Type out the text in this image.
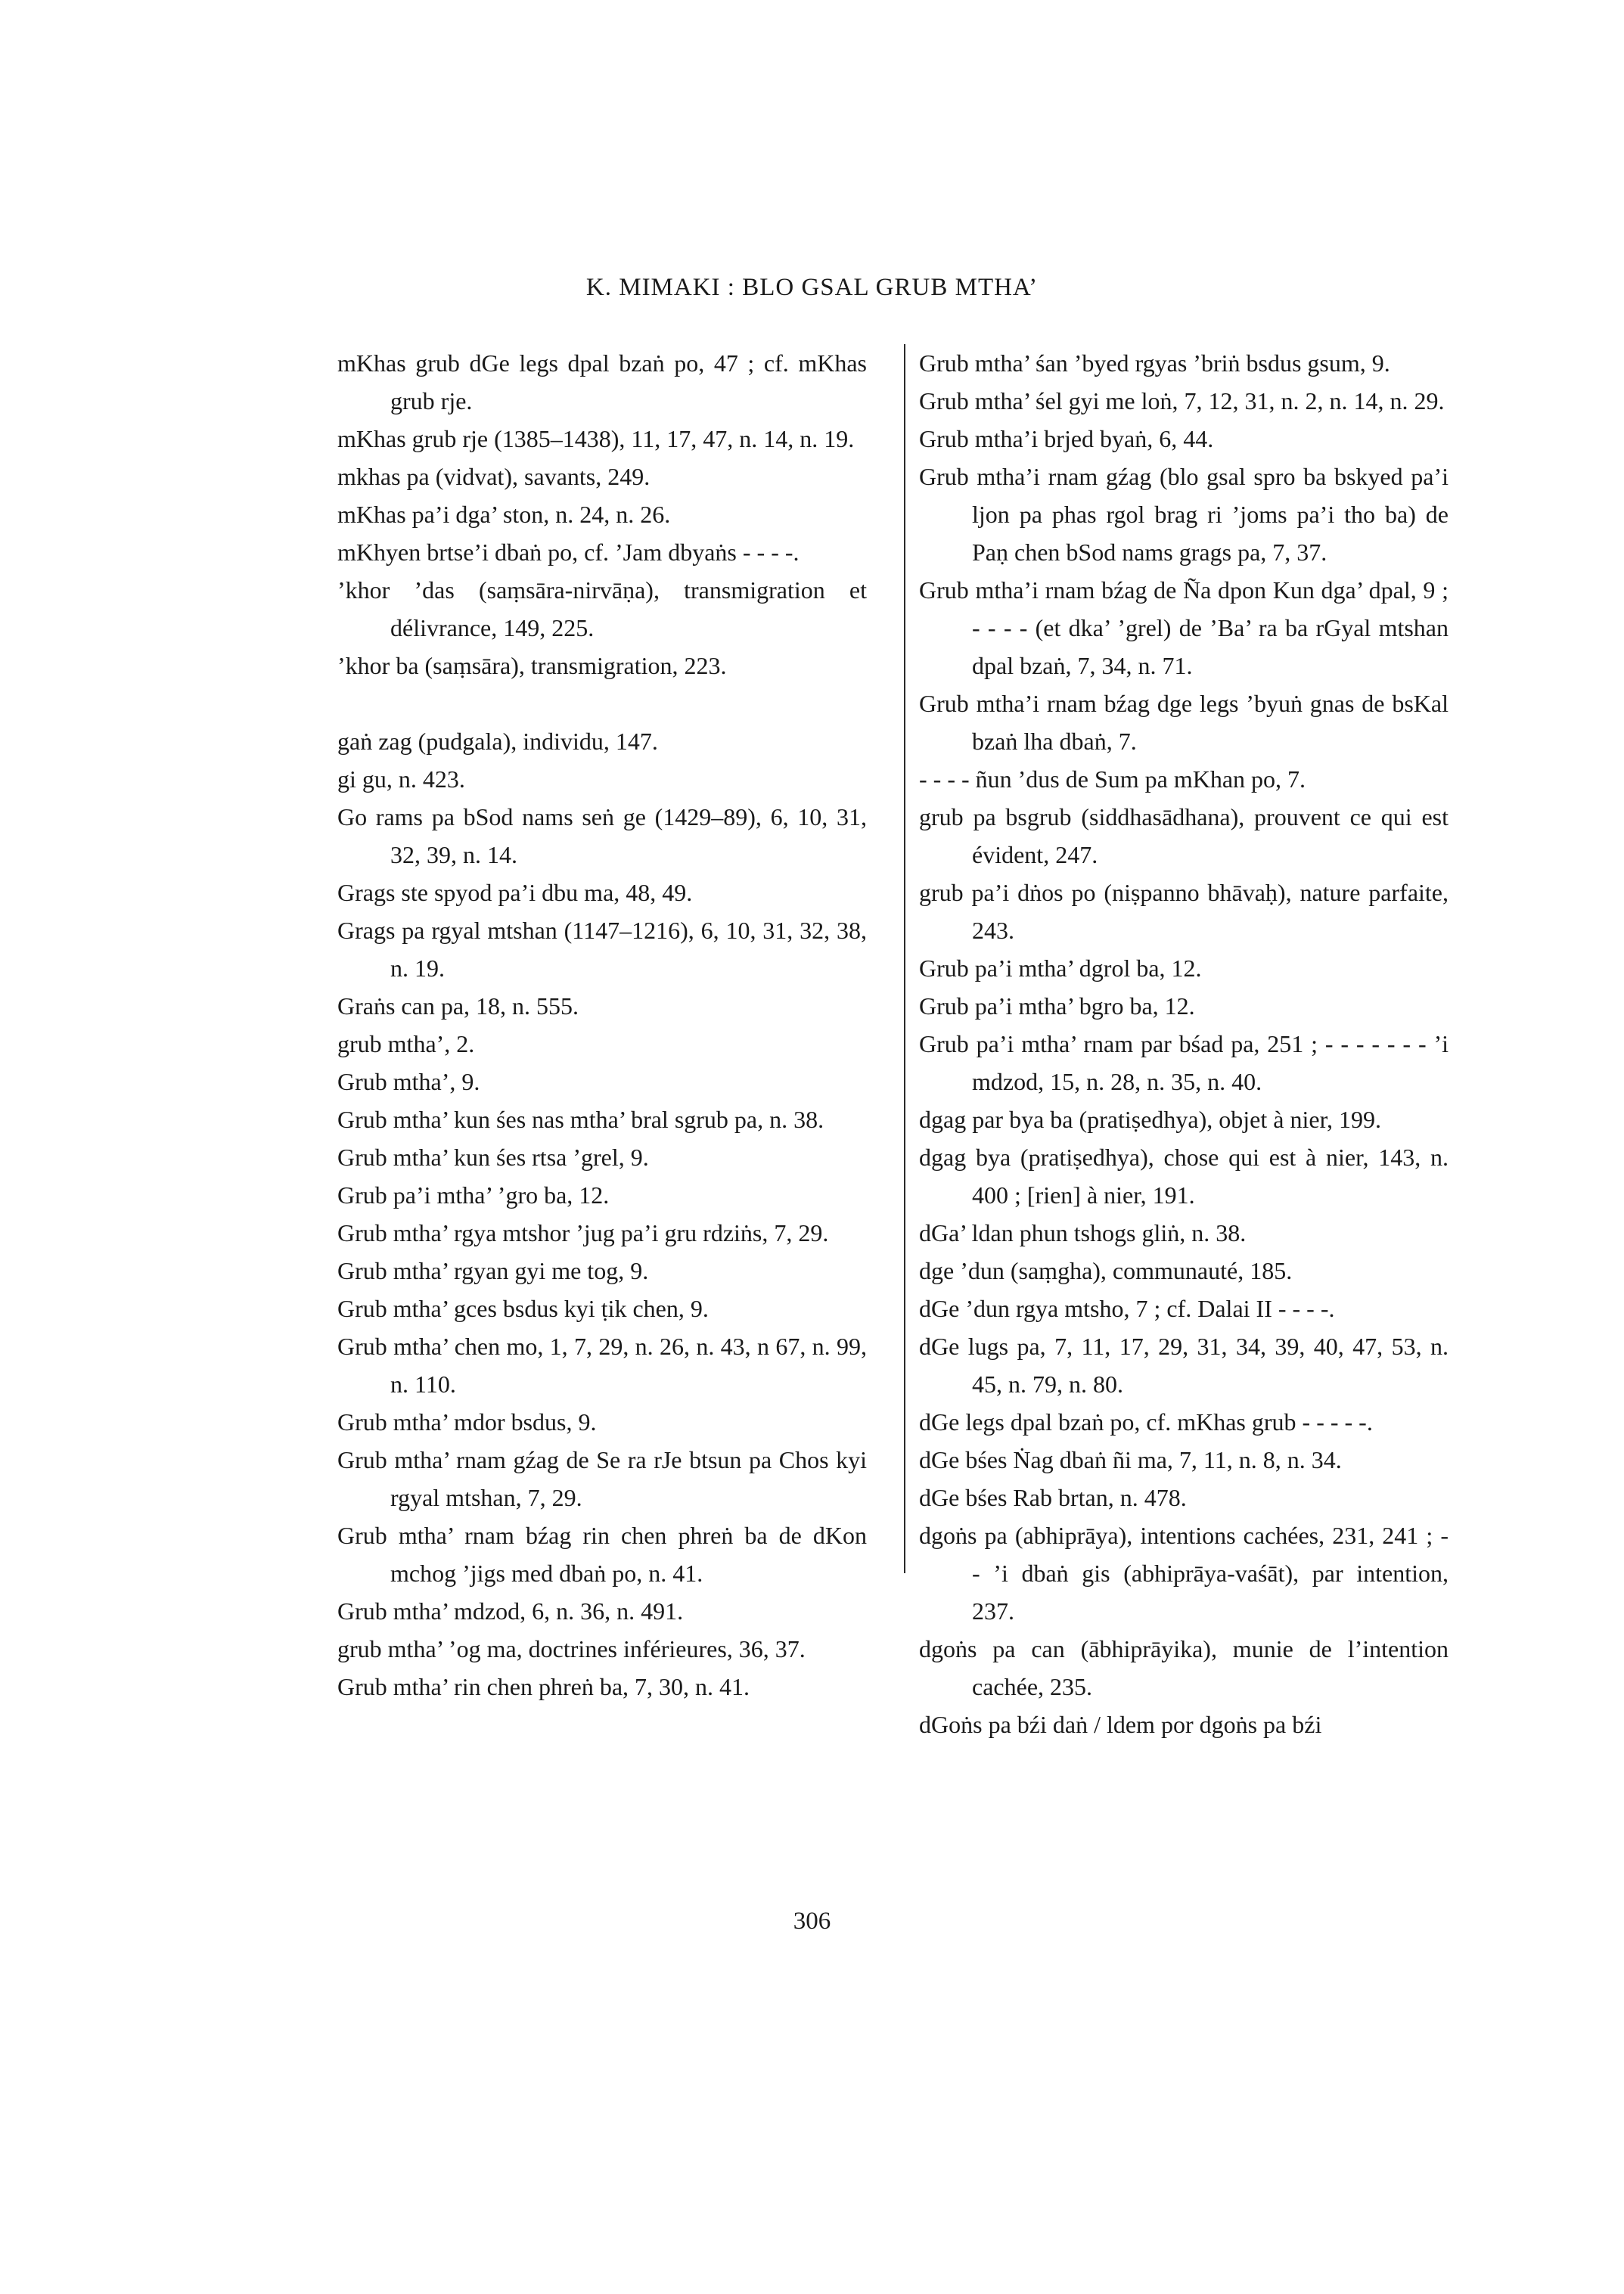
K. MIMAKI : BLO GSAL GRUB MTHA’

mKhas grub dGe legs dpal bzaṅ po, 47 ; cf. mKhas grub rje.

mKhas grub rje (1385–1438), 11, 17, 47, n. 14, n. 19.

mkhas pa (vidvat), savants, 249.

mKhas pa’i dga’ ston, n. 24, n. 26.

mKhyen brtse’i dbaṅ po, cf. ’Jam dbyaṅs - - - -.

’khor ’das (saṃsāra-nirvāṇa), transmigration et délivrance, 149, 225.

’khor ba (saṃsāra), transmigration, 223.

gaṅ zag (pudgala), individu, 147.

gi gu, n. 423.

Go rams pa bSod nams seṅ ge (1429–89), 6, 10, 31, 32, 39, n. 14.

Grags ste spyod pa’i dbu ma, 48, 49.

Grags pa rgyal mtshan (1147–1216), 6, 10, 31, 32, 38, n. 19.

Graṅs can pa, 18, n. 555.

grub mtha’, 2.

Grub mtha’, 9.

Grub mtha’ kun śes nas mtha’ bral sgrub pa, n. 38.

Grub mtha’ kun śes rtsa ’grel, 9.

Grub pa’i mtha’ ’gro ba, 12.

Grub mtha’ rgya mtshor ’jug pa’i gru rdziṅs, 7, 29.

Grub mtha’ rgyan gyi me tog, 9.

Grub mtha’ gces bsdus kyi ṭik chen, 9.

Grub mtha’ chen mo, 1, 7, 29, n. 26, n. 43, n 67, n. 99, n. 110.

Grub mtha’ mdor bsdus, 9.

Grub mtha’ rnam gźag de Se ra rJe btsun pa Chos kyi rgyal mtshan, 7, 29.

Grub mtha’ rnam bźag rin chen phreṅ ba de dKon mchog ’jigs med dbaṅ po, n. 41.

Grub mtha’ mdzod, 6, n. 36, n. 491.

grub mtha’ ’og ma, doctrines inférieures, 36, 37.

Grub mtha’ rin chen phreṅ ba, 7, 30, n. 41.

Grub mtha’ śan ’byed rgyas ’briṅ bsdus gsum, 9.

Grub mtha’ śel gyi me loṅ, 7, 12, 31, n. 2, n. 14, n. 29.

Grub mtha’i brjed byaṅ, 6, 44.

Grub mtha’i rnam gźag (blo gsal spro ba bskyed pa’i ljon pa phas rgol brag ri ’joms pa’i tho ba) de Paṇ chen bSod nams grags pa, 7, 37.

Grub mtha’i rnam bźag de Ña dpon Kun dga’ dpal, 9 ; - - - - (et dka’ ’grel) de ’Ba’ ra ba rGyal mtshan dpal bzaṅ, 7, 34, n. 71.

Grub mtha’i rnam bźag dge legs ’byuṅ gnas de bsKal bzaṅ lha dbaṅ, 7.

- - - - ñun ’dus de Sum pa mKhan po, 7.

grub pa bsgrub (siddhasādhana), prouvent ce qui est évident, 247.

grub pa’i dṅos po (niṣpanno bhāvaḥ), nature parfaite, 243.

Grub pa’i mtha’ dgrol ba, 12.

Grub pa’i mtha’ bgro ba, 12.

Grub pa’i mtha’ rnam par bśad pa, 251 ; - - - - - - - ’i mdzod, 15, n. 28, n. 35, n. 40.

dgag par bya ba (pratiṣedhya), objet à nier, 199.

dgag bya (pratiṣedhya), chose qui est à nier, 143, n. 400 ; [rien] à nier, 191.

dGa’ ldan phun tshogs gliṅ, n. 38.

dge ’dun (saṃgha), communauté, 185.

dGe ’dun rgya mtsho, 7 ; cf. Dalai II - - - -.

dGe lugs pa, 7, 11, 17, 29, 31, 34, 39, 40, 47, 53, n. 45, n. 79, n. 80.

dGe legs dpal bzaṅ po, cf. mKhas grub - - - - -.

dGe bśes Ṅag dbaṅ ñi ma, 7, 11, n. 8, n. 34.

dGe bśes Rab brtan, n. 478.

dgoṅs pa (abhiprāya), intentions cachées, 231, 241 ; - - ’i dbaṅ gis (abhiprāya-vaśāt), par intention, 237.

dgoṅs pa can (ābhiprāyika), munie de l’intention cachée, 235.

dGoṅs pa bźi daṅ / ldem por dgoṅs pa bźi

306
